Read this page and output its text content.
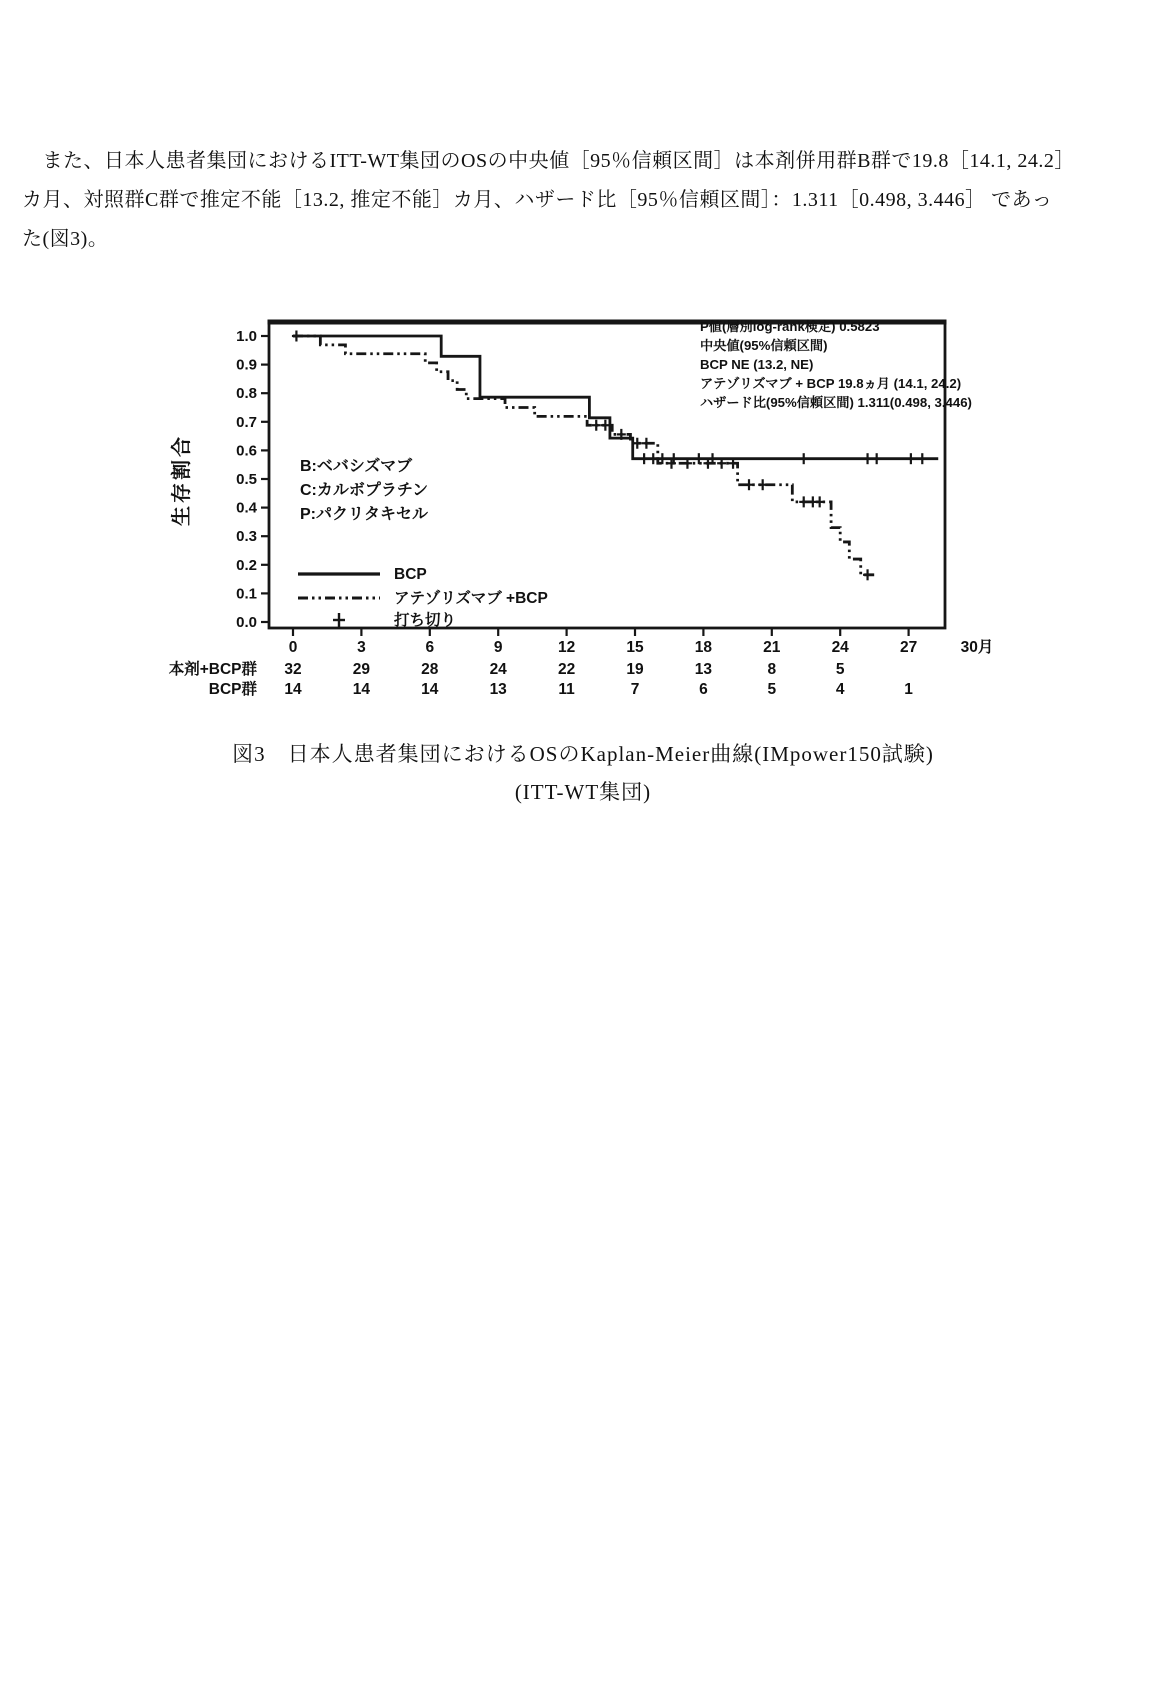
　また、日本人患者集団におけるITT-WT集団のOSの中央値［95％信頼区間］は本剤併用群B群で19.8［14.1, 24.2］
カ月、対照群C群で推定不能［13.2, 推定不能］カ月、ハザード比［95％信頼区間］：1.311［0.498, 3.446］ であっ
た(図3)。
1.0
0.9
0.8
0.7
0.6
0.5
0.4
0.3
0.2
0.1
0.0
生存割合
0	3	6	9	12	15	18	21	24	27	30月
P値(層別log-rank検定) 0.5823
中央値(95%信頼区間)
BCP NE (13.2, NE)
アテゾリズマブ + BCP 19.8ヵ月 (14.1, 24.2)
ハザード比(95%信頼区間) 1.311(0.498, 3.446)
B:ベバシズマブ
C:カルボプラチン
P:パクリタキセル
BCP
アテゾリズマブ +BCP
打ち切り
本剤+BCP群 32	29	28	24	22	19	13	8	5
BCP群 14	14	14	13	11	7	6	5	4	1
図3　日本人患者集団におけるOSのKaplan-Meier曲線(IMpower150試験)
(ITT-WT集団)
